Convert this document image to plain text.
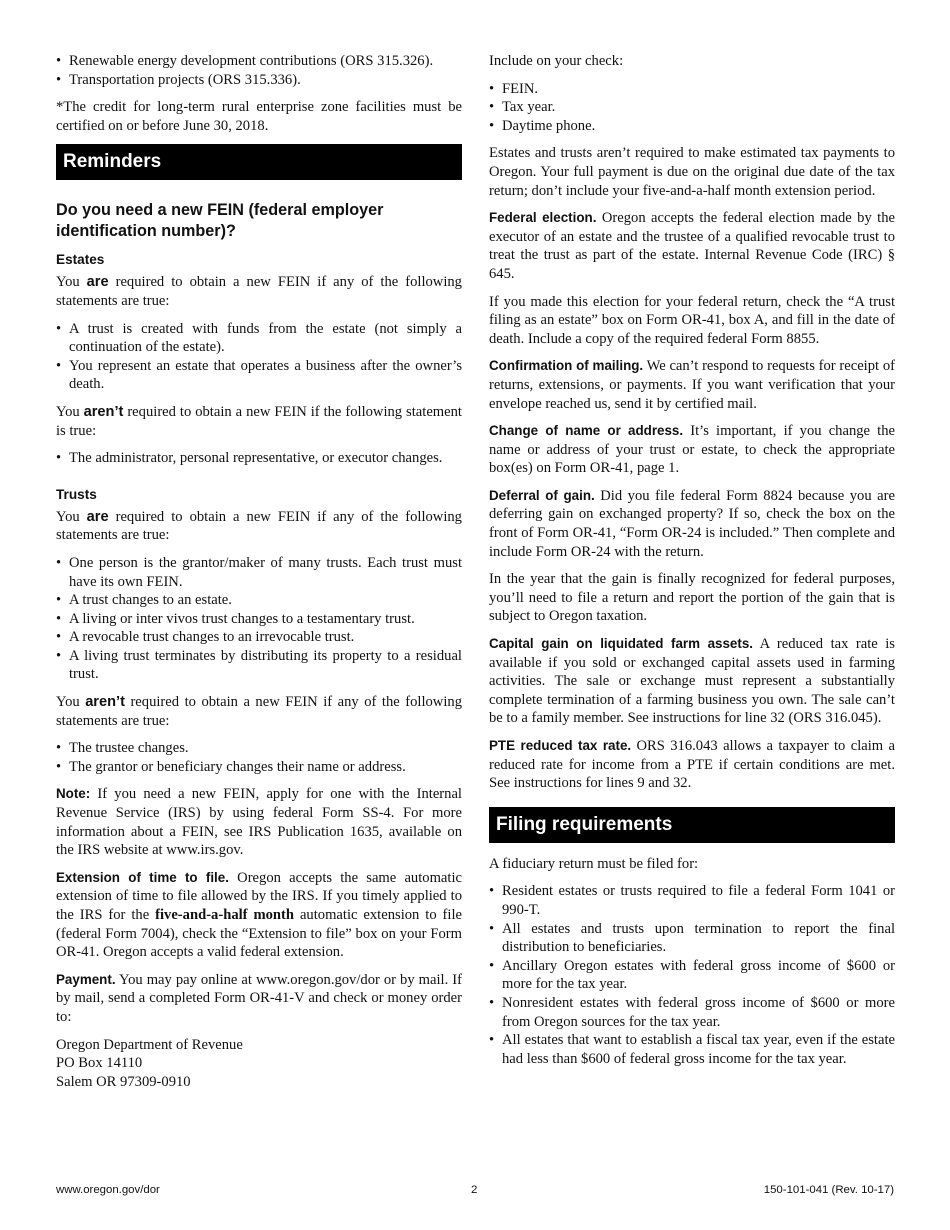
• Renewable energy development contributions (ORS 315.326).
• Transportation projects (ORS 315.336).

*The credit for long-term rural enterprise zone facilities must be certified on or before June 30, 2018.

Reminders
Do you need a new FEIN (federal employer identification number)?
Estates

You are required to obtain a new FEIN if any of the following statements are true:

• A trust is created with funds from the estate (not simply a continuation of the estate).
• You represent an estate that operates a business after the owner’s death.

You aren’t required to obtain a new FEIN if the following statement is true:

• The administrator, personal representative, or executor changes.
Trusts

You are required to obtain a new FEIN if any of the following statements are true:

• One person is the grantor/maker of many trusts. Each trust must have its own FEIN.
• A trust changes to an estate.
• A living or inter vivos trust changes to a testamentary trust.
• A revocable trust changes to an irrevocable trust.
• A living trust terminates by distributing its property to a residual trust.

You aren’t required to obtain a new FEIN if any of the following statements are true:

• The trustee changes.
• The grantor or beneficiary changes their name or address.

Note: If you need a new FEIN, apply for one with the Internal Revenue Service (IRS) by using federal Form SS-4. For more information about a FEIN, see IRS Publication 1635, available on the IRS website at www.irs.gov.

Extension of time to file. Oregon accepts the same automatic extension of time to file allowed by the IRS. If you timely applied to the IRS for the five-and-a-half month automatic extension to file (federal Form 7004), check the “Extension to file” box on your Form OR-41. Oregon accepts a valid federal extension.

Payment. You may pay online at www.oregon.gov/dor or by mail. If by mail, send a completed Form OR-41-V and check or money order to:

Oregon Department of Revenue

PO Box 14110

Salem OR 97309-0910

Include on your check:

• FEIN.
• Tax year.
• Daytime phone.

Estates and trusts aren’t required to make estimated tax payments to Oregon. Your full payment is due on the original due date of the tax return; don’t include your five-and-a-half month extension period.

Federal election. Oregon accepts the federal election made by the executor of an estate and the trustee of a qualified revocable trust to treat the trust as part of the estate. Internal Revenue Code (IRC) § 645.

If you made this election for your federal return, check the “A trust filing as an estate” box on Form OR-41, box A, and fill in the date of death. Include a copy of the required federal Form 8855.

Confirmation of mailing. We can’t respond to requests for receipt of returns, extensions, or payments. If you want verification that your envelope reached us, send it by certified mail.

Change of name or address. It’s important, if you change the name or address of your trust or estate, to check the appropriate box(es) on Form OR-41, page 1.

Deferral of gain. Did you file federal Form 8824 because you are deferring gain on exchanged property? If so, check the box on the front of Form OR-41, “Form OR-24 is included.” Then complete and include Form OR-24 with the return.

In the year that the gain is finally recognized for federal purposes, you’ll need to file a return and report the portion of the gain that is subject to Oregon taxation.

Capital gain on liquidated farm assets. A reduced tax rate is available if you sold or exchanged capital assets used in farming activities. The sale or exchange must represent a substantially complete termination of a farming business you own. The sale can’t be to a family member. See instructions for line 32 (ORS 316.045).

PTE reduced tax rate. ORS 316.043 allows a taxpayer to claim a reduced rate for income from a PTE if certain conditions are met. See instructions for lines 9 and 32.

Filing requirements

A fiduciary return must be filed for:

• Resident estates or trusts required to file a federal Form 1041 or 990-T.
• All estates and trusts upon termination to report the final distribution to beneficiaries.
• Ancillary Oregon estates with federal gross income of $600 or more for the tax year.
• Nonresident estates with federal gross income of $600 or more from Oregon sources for the tax year.
• All estates that want to establish a fiscal tax year, even if the estate had less than $600 of federal gross income for the tax year.
www.oregon.gov/dor	2	150-101-041 (Rev. 10-17)
